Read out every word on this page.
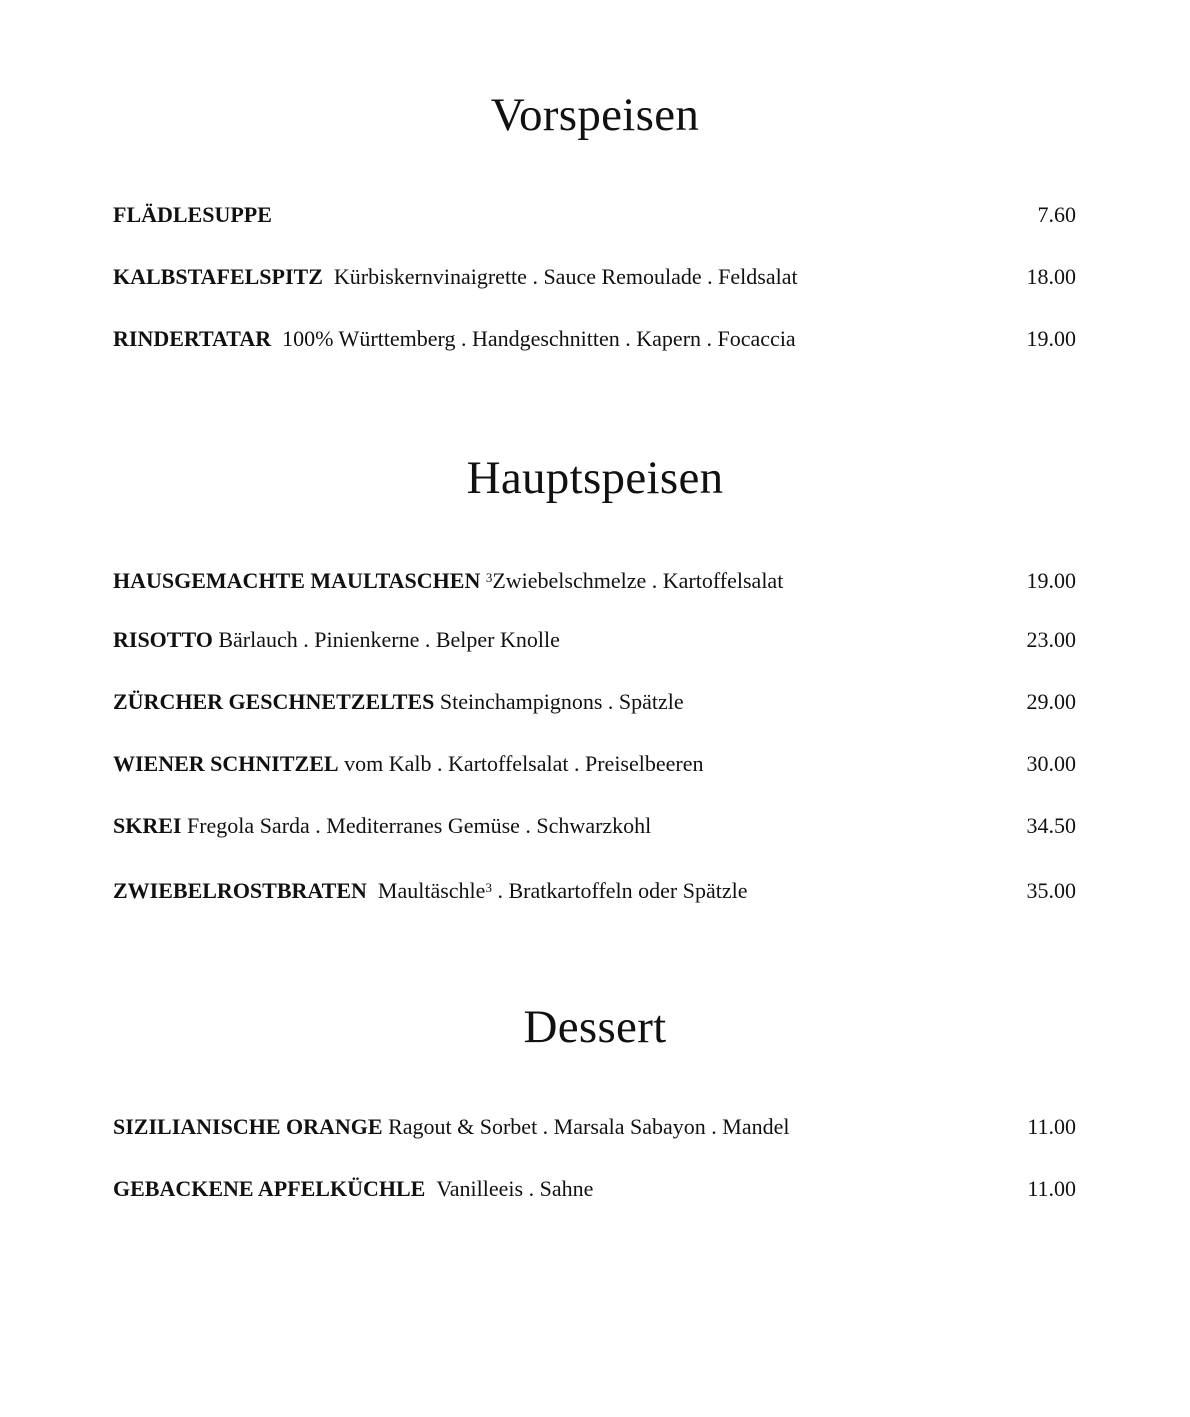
Vorspeisen
FLÄDLESUPPE	7.60
KALBSTAFELSPITZ Kürbiskernvinaigrette . Sauce Remoulade . Feldsalat	18.00
RINDERTATAR 100% Württemberg . Handgeschnitten . Kapern . Focaccia	19.00
Hauptspeisen
HAUSGEMACHTE MAULTASCHEN $^3$Zwiebelschmelze . Kartoffelsalat	19.00
RISOTTO Bärlauch . Pinienkerne . Belper Knolle	23.00
ZÜRCHER GESCHNETZELTES Steinchampignons . Spätzle	29.00
WIENER SCHNITZEL vom Kalb . Kartoffelsalat . Preiselbeeren	30.00
SKREI Fregola Sarda . Mediterranes Gemüse . Schwarzkohl	34.50
ZWIEBELROSTBRATEN Maultäschle$^3$ . Bratkartoffeln oder Spätzle	35.00
Dessert
SIZILIANISCHE ORANGE Ragout & Sorbet . Marsala Sabayon . Mandel	11.00
GEBACKENE APFELKÜCHLE Vanilleeis . Sahne	11.00
